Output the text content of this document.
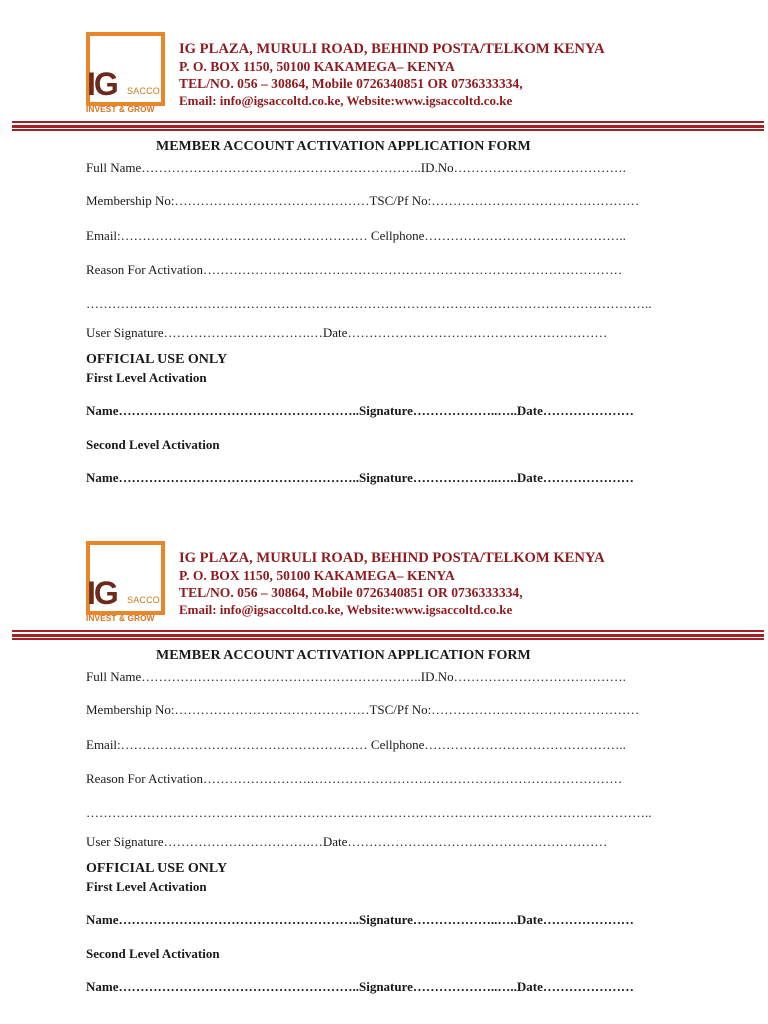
IG SACCO
INVEST & GROW
IG PLAZA, MURULI ROAD, BEHIND POSTA/TELKOM KENYA
P. O. BOX 1150, 50100 KAKAMEGA– KENYA
TEL/NO. 056 – 30864, Mobile 0726340851 OR 0736333334,
Email: info@igsaccoltd.co.ke, Website:www.igsaccoltd.co.ke
MEMBER ACCOUNT ACTIVATION APPLICATION FORM
Full Name………………………………………………………..ID.No………………………………….
Membership No:………………………………………TSC/Pf No:…………………………………………
Email:………………………………………………… Cellphone………………………………………..
Reason For Activation…………………….………………………………………………………………
…………………………………………………………………………………………………………………..
User Signature…………………………….…Date……………………………………………………
OFFICIAL USE ONLY
First Level Activation
Name………………………………………………..Signature………………..…..Date…………………
Second Level Activation
Name………………………………………………..Signature………………..…..Date…………………
IG SACCO
INVEST & GROW
IG PLAZA, MURULI ROAD, BEHIND POSTA/TELKOM KENYA
P. O. BOX 1150, 50100 KAKAMEGA– KENYA
TEL/NO. 056 – 30864, Mobile 0726340851 OR 0736333334,
Email: info@igsaccoltd.co.ke, Website:www.igsaccoltd.co.ke
MEMBER ACCOUNT ACTIVATION APPLICATION FORM
Full Name………………………………………………………..ID.No………………………………….
Membership No:………………………………………TSC/Pf No:…………………………………………
Email:………………………………………………… Cellphone………………………………………..
Reason For Activation…………………….………………………………………………………………
…………………………………………………………………………………………………………………..
User Signature…………………………….…Date……………………………………………………
OFFICIAL USE ONLY
First Level Activation
Name………………………………………………..Signature………………..…..Date…………………
Second Level Activation
Name………………………………………………..Signature………………..…..Date…………………
